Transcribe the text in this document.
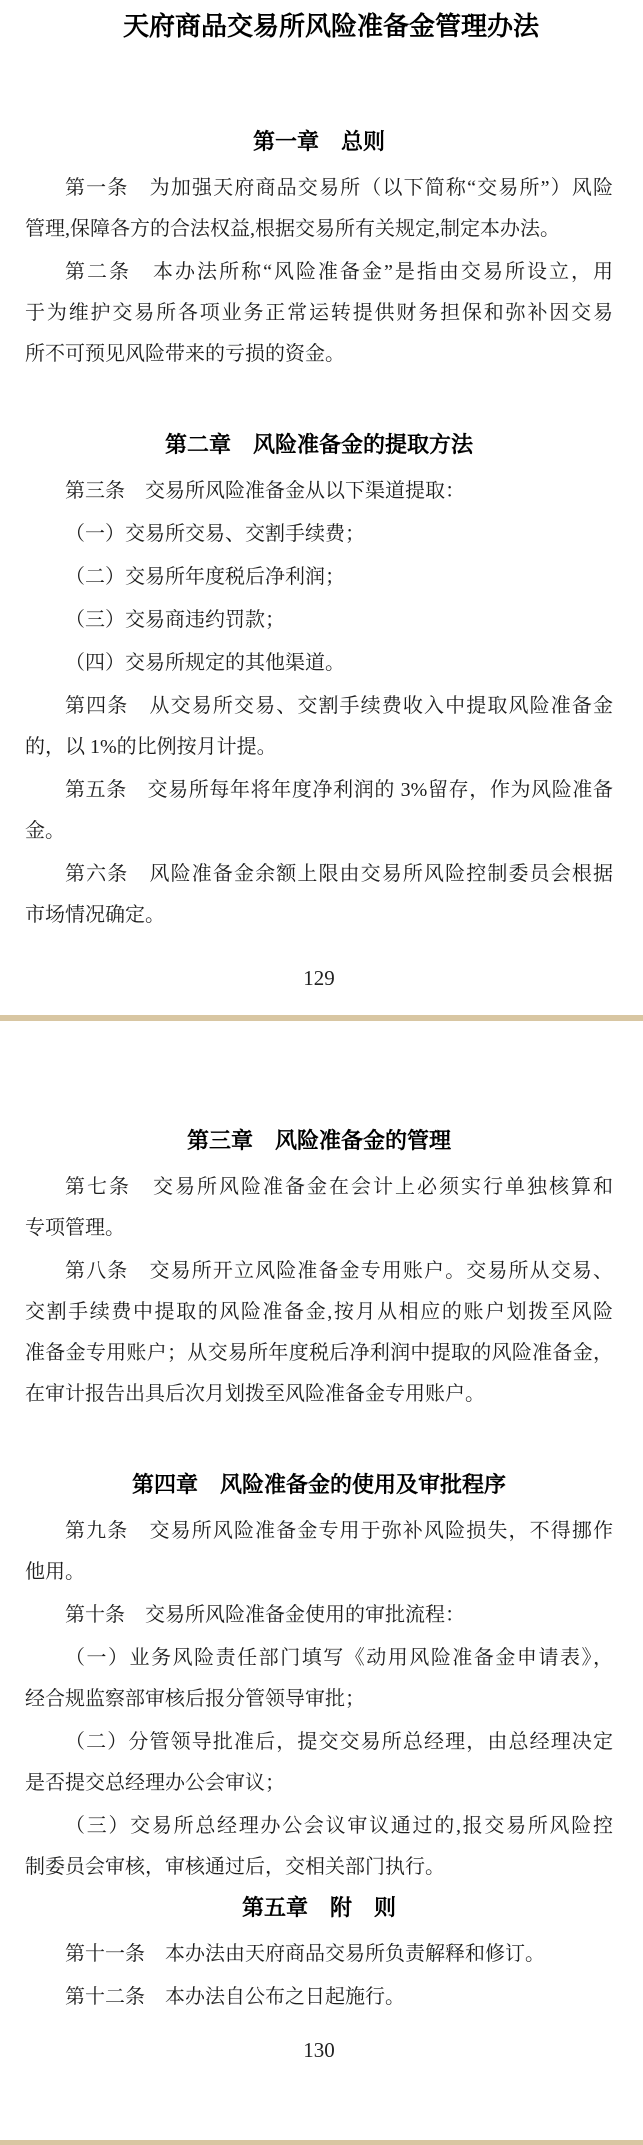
天府商品交易所风险准备金管理办法
第一章　总则
第一条　为加强天府商品交易所（以下简称“交易所”）风险
管理,保障各方的合法权益,根据交易所有关规定,制定本办法。
第二条　本办法所称“风险准备金”是指由交易所设立，用
于为维护交易所各项业务正常运转提供财务担保和弥补因交易
所不可预见风险带来的亏损的资金。
第二章　风险准备金的提取方法
第三条　交易所风险准备金从以下渠道提取：
（一）交易所交易、交割手续费；
（二）交易所年度税后净利润；
（三）交易商违约罚款；
（四）交易所规定的其他渠道。
第四条　从交易所交易、交割手续费收入中提取风险准备金
的，以 1%的比例按月计提。
第五条　交易所每年将年度净利润的 3%留存，作为风险准备
金。
第六条　风险准备金余额上限由交易所风险控制委员会根据
市场情况确定。
129
第三章　风险准备金的管理
第七条　交易所风险准备金在会计上必须实行单独核算和
专项管理。
第八条　交易所开立风险准备金专用账户。交易所从交易、
交割手续费中提取的风险准备金,按月从相应的账户划拨至风险
准备金专用账户；从交易所年度税后净利润中提取的风险准备金，
在审计报告出具后次月划拨至风险准备金专用账户。
第四章　风险准备金的使用及审批程序
第九条　交易所风险准备金专用于弥补风险损失，不得挪作
他用。
第十条　交易所风险准备金使用的审批流程：
（一）业务风险责任部门填写《动用风险准备金申请表》，
经合规监察部审核后报分管领导审批；
（二）分管领导批准后，提交交易所总经理，由总经理决定
是否提交总经理办公会审议；
（三）交易所总经理办公会议审议通过的,报交易所风险控
制委员会审核，审核通过后，交相关部门执行。
第五章　附　则
第十一条　本办法由天府商品交易所负责解释和修订。
第十二条　本办法自公布之日起施行。
130
